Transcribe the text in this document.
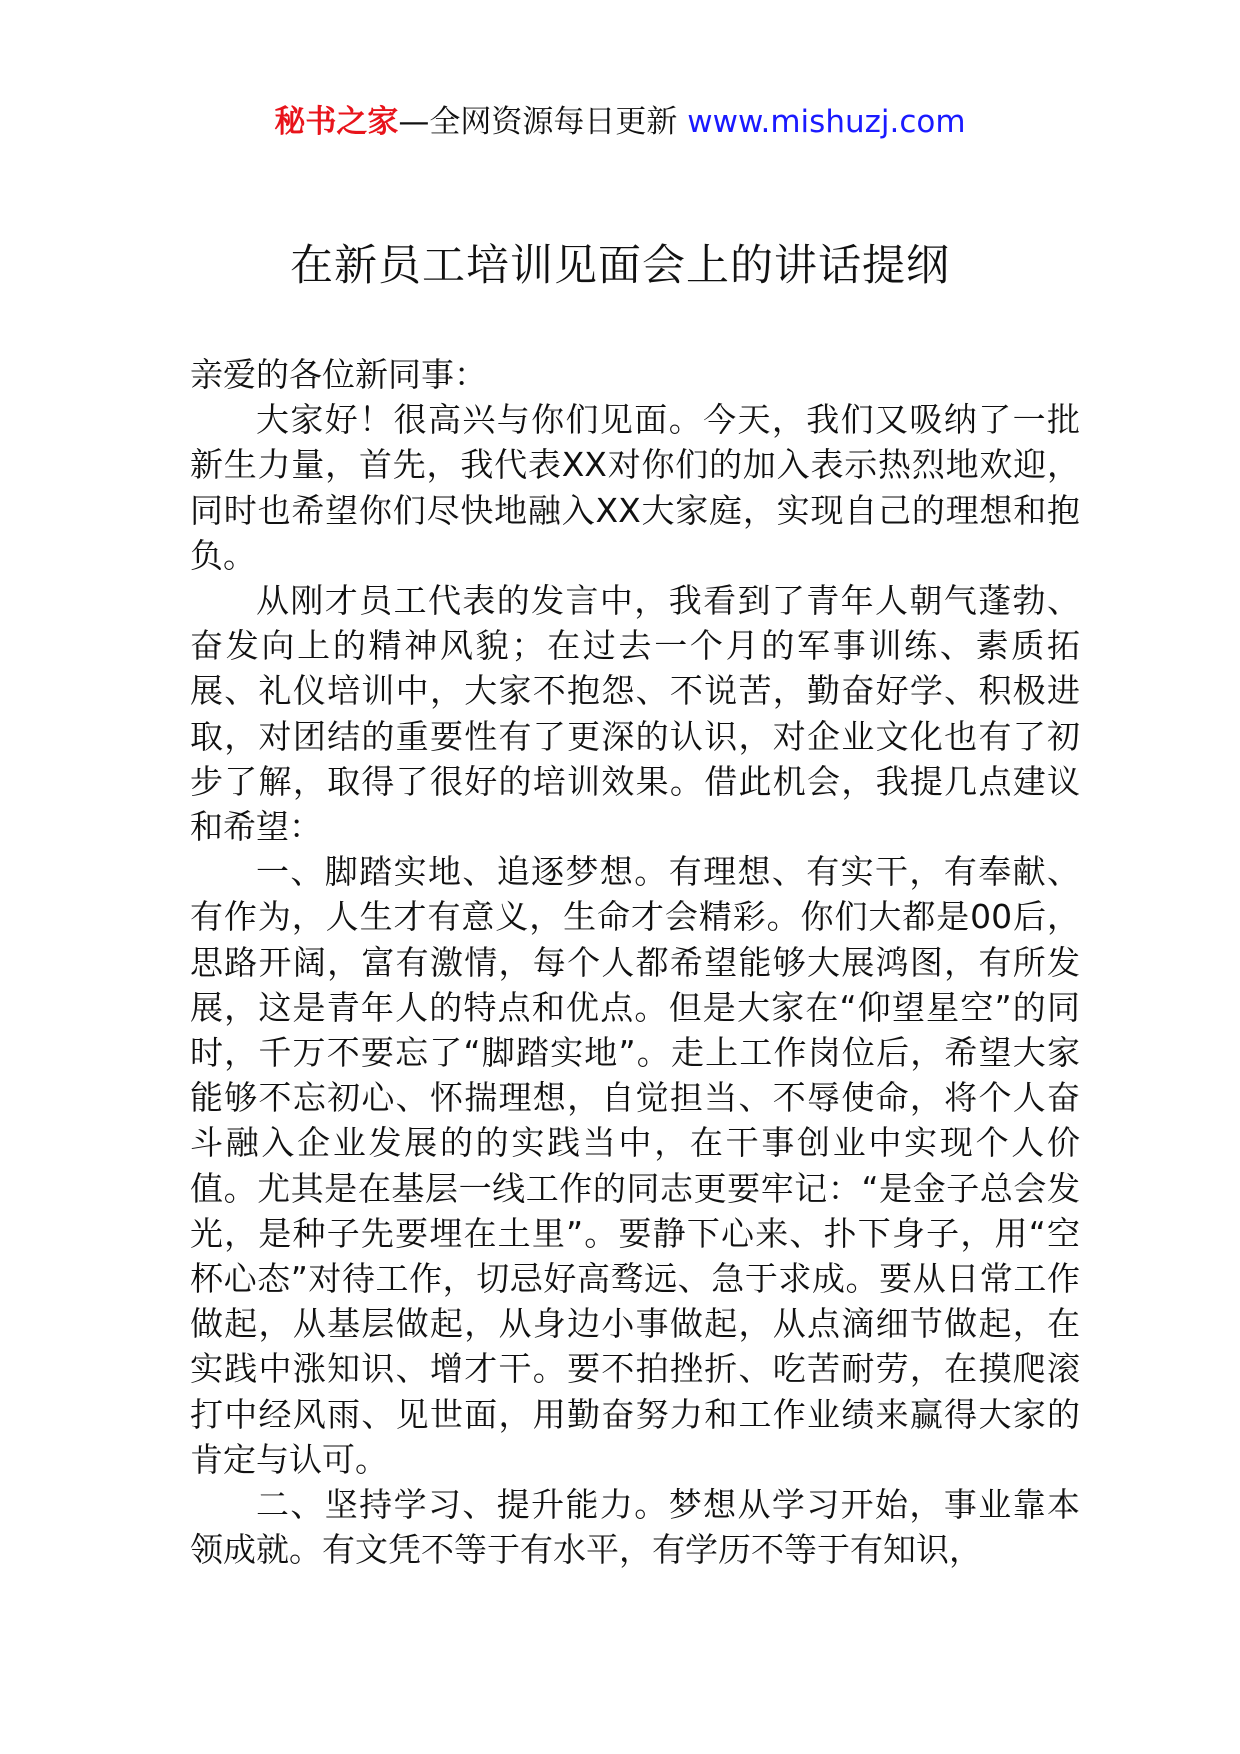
秘书之家—全网资源每日更新 www.mishuzj.com
在新员工培训见面会上的讲话提纲

亲爱的各位新同事：

大家好！很高兴与你们见面。今天，我们又吸纳了一批新生力量，首先，我代表XX对你们的加入表示热烈地欢迎，同时也希望你们尽快地融入XX大家庭，实现自己的理想和抱负。

从刚才员工代表的发言中，我看到了青年人朝气蓬勃、奋发向上的精神风貌；在过去一个月的军事训练、素质拓展、礼仪培训中，大家不抱怨、不说苦，勤奋好学、积极进取，对团结的重要性有了更深的认识，对企业文化也有了初步了解，取得了很好的培训效果。借此机会，我提几点建议和希望：

一、脚踏实地、追逐梦想。有理想、有实干，有奉献、有作为，人生才有意义，生命才会精彩。你们大都是00后，思路开阔，富有激情，每个人都希望能够大展鸿图，有所发展，这是青年人的特点和优点。但是大家在“仰望星空”的同时，千万不要忘了“脚踏实地”。走上工作岗位后，希望大家能够不忘初心、怀揣理想，自觉担当、不辱使命，将个人奋斗融入企业发展的的实践当中，在干事创业中实现个人价值。尤其是在基层一线工作的同志更要牢记：“是金子总会发光，是种子先要埋在土里”。要静下心来、扑下身子，用“空杯心态”对待工作，切忌好高骛远、急于求成。要从日常工作做起，从基层做起，从身边小事做起，从点滴细节做起，在实践中涨知识、增才干。要不拍挫折、吃苦耐劳，在摸爬滚打中经风雨、见世面，用勤奋努力和工作业绩来赢得大家的肯定与认可。

二、坚持学习、提升能力。梦想从学习开始，事业靠本领成就。有文凭不等于有水平，有学历不等于有知识，
